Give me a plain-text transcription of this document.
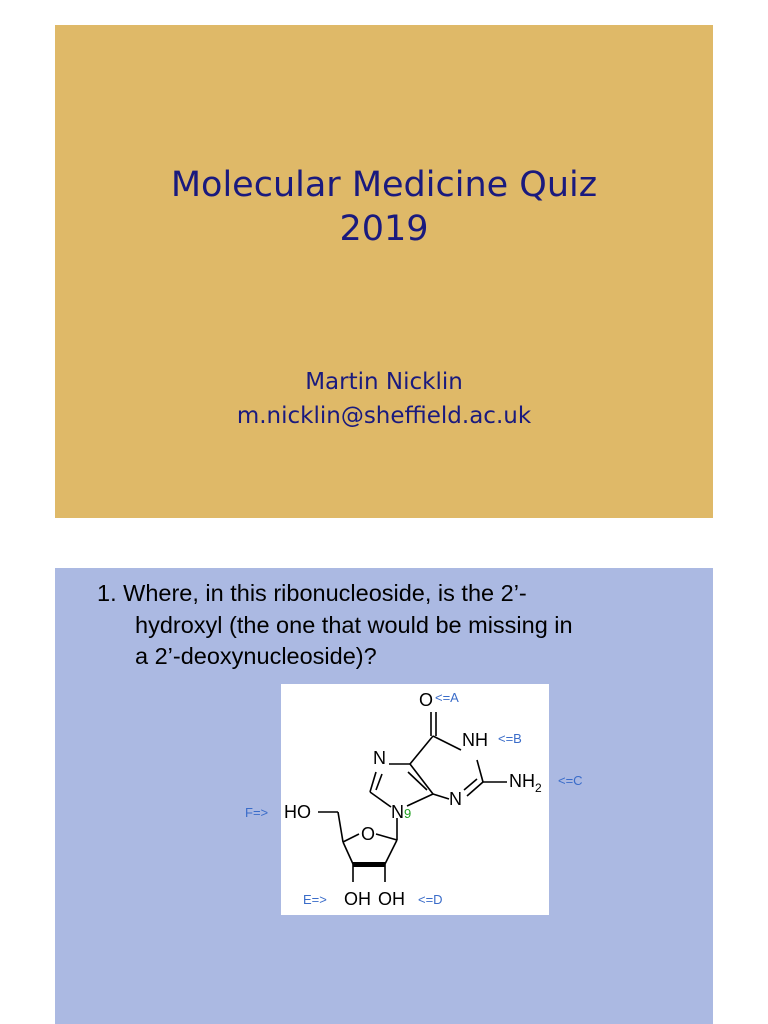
Molecular Medicine Quiz
2019
Martin Nicklin
m.nicklin@sheffield.ac.uk
1. Where, in this ribonucleoside, is the 2’-
hydroxyl (the one that would be missing in
a 2’-deoxynucleoside)?
O
NH
NH 2
N
N
N 9
HO
O
OH OH
<=A
<=B
<=C
F=>
E=>	<=D
